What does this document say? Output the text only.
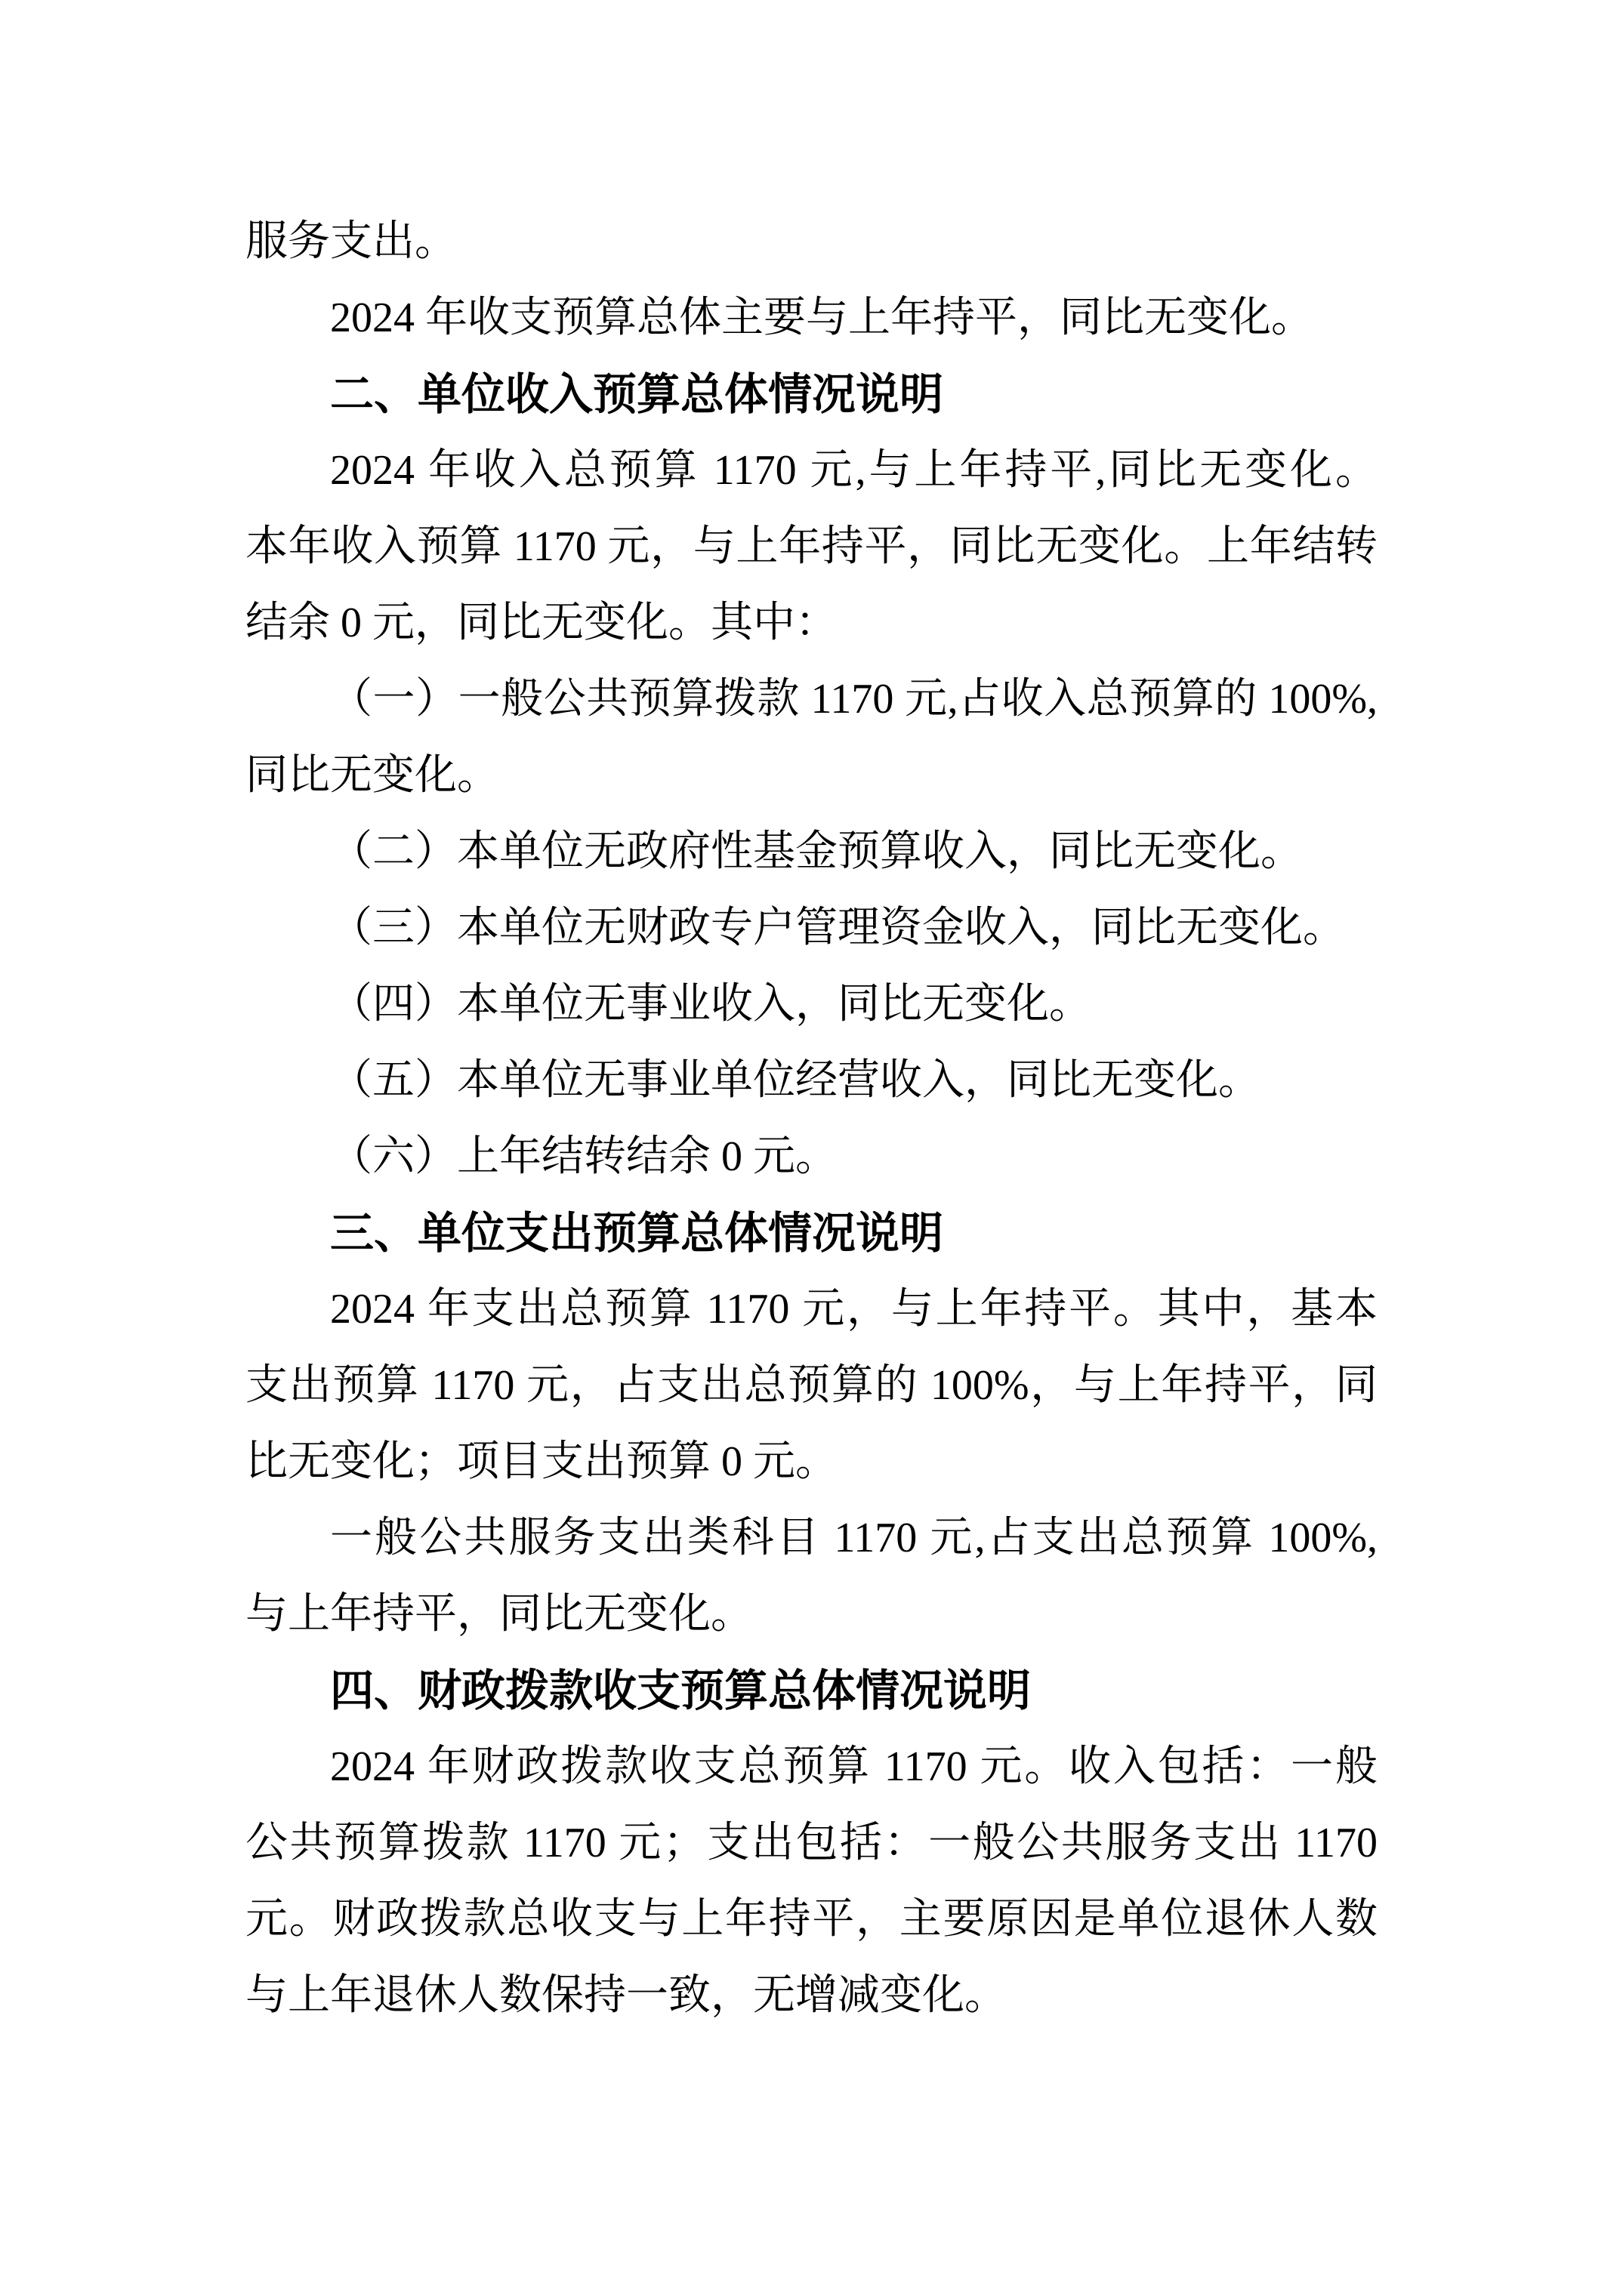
服务支出。
2024 年收支预算总体主要与上年持平，同比无变化。
二、单位收入预算总体情况说明
2024 年收入总预算 1170 元,与上年持平,同比无变化。
本年收入预算 1170 元，与上年持平，同比无变化。上年结转
结余 0 元，同比无变化。其中：
（一）一般公共预算拨款 1170 元,占收入总预算的 100%,
同比无变化。
（二）本单位无政府性基金预算收入，同比无变化。
（三）本单位无财政专户管理资金收入，同比无变化。
（四）本单位无事业收入，同比无变化。
（五）本单位无事业单位经营收入，同比无变化。
（六）上年结转结余 0 元。
三、单位支出预算总体情况说明
2024 年支出总预算 1170 元，与上年持平。其中，基本
支出预算 1170 元，占支出总预算的 100%，与上年持平，同
比无变化；项目支出预算 0 元。
一般公共服务支出类科目 1170 元,占支出总预算 100%,
与上年持平，同比无变化。
四、财政拨款收支预算总体情况说明
2024 年财政拨款收支总预算 1170 元。收入包括：一般
公共预算拨款 1170 元；支出包括：一般公共服务支出 1170
元。财政拨款总收支与上年持平，主要原因是单位退休人数
与上年退休人数保持一致，无增减变化。
